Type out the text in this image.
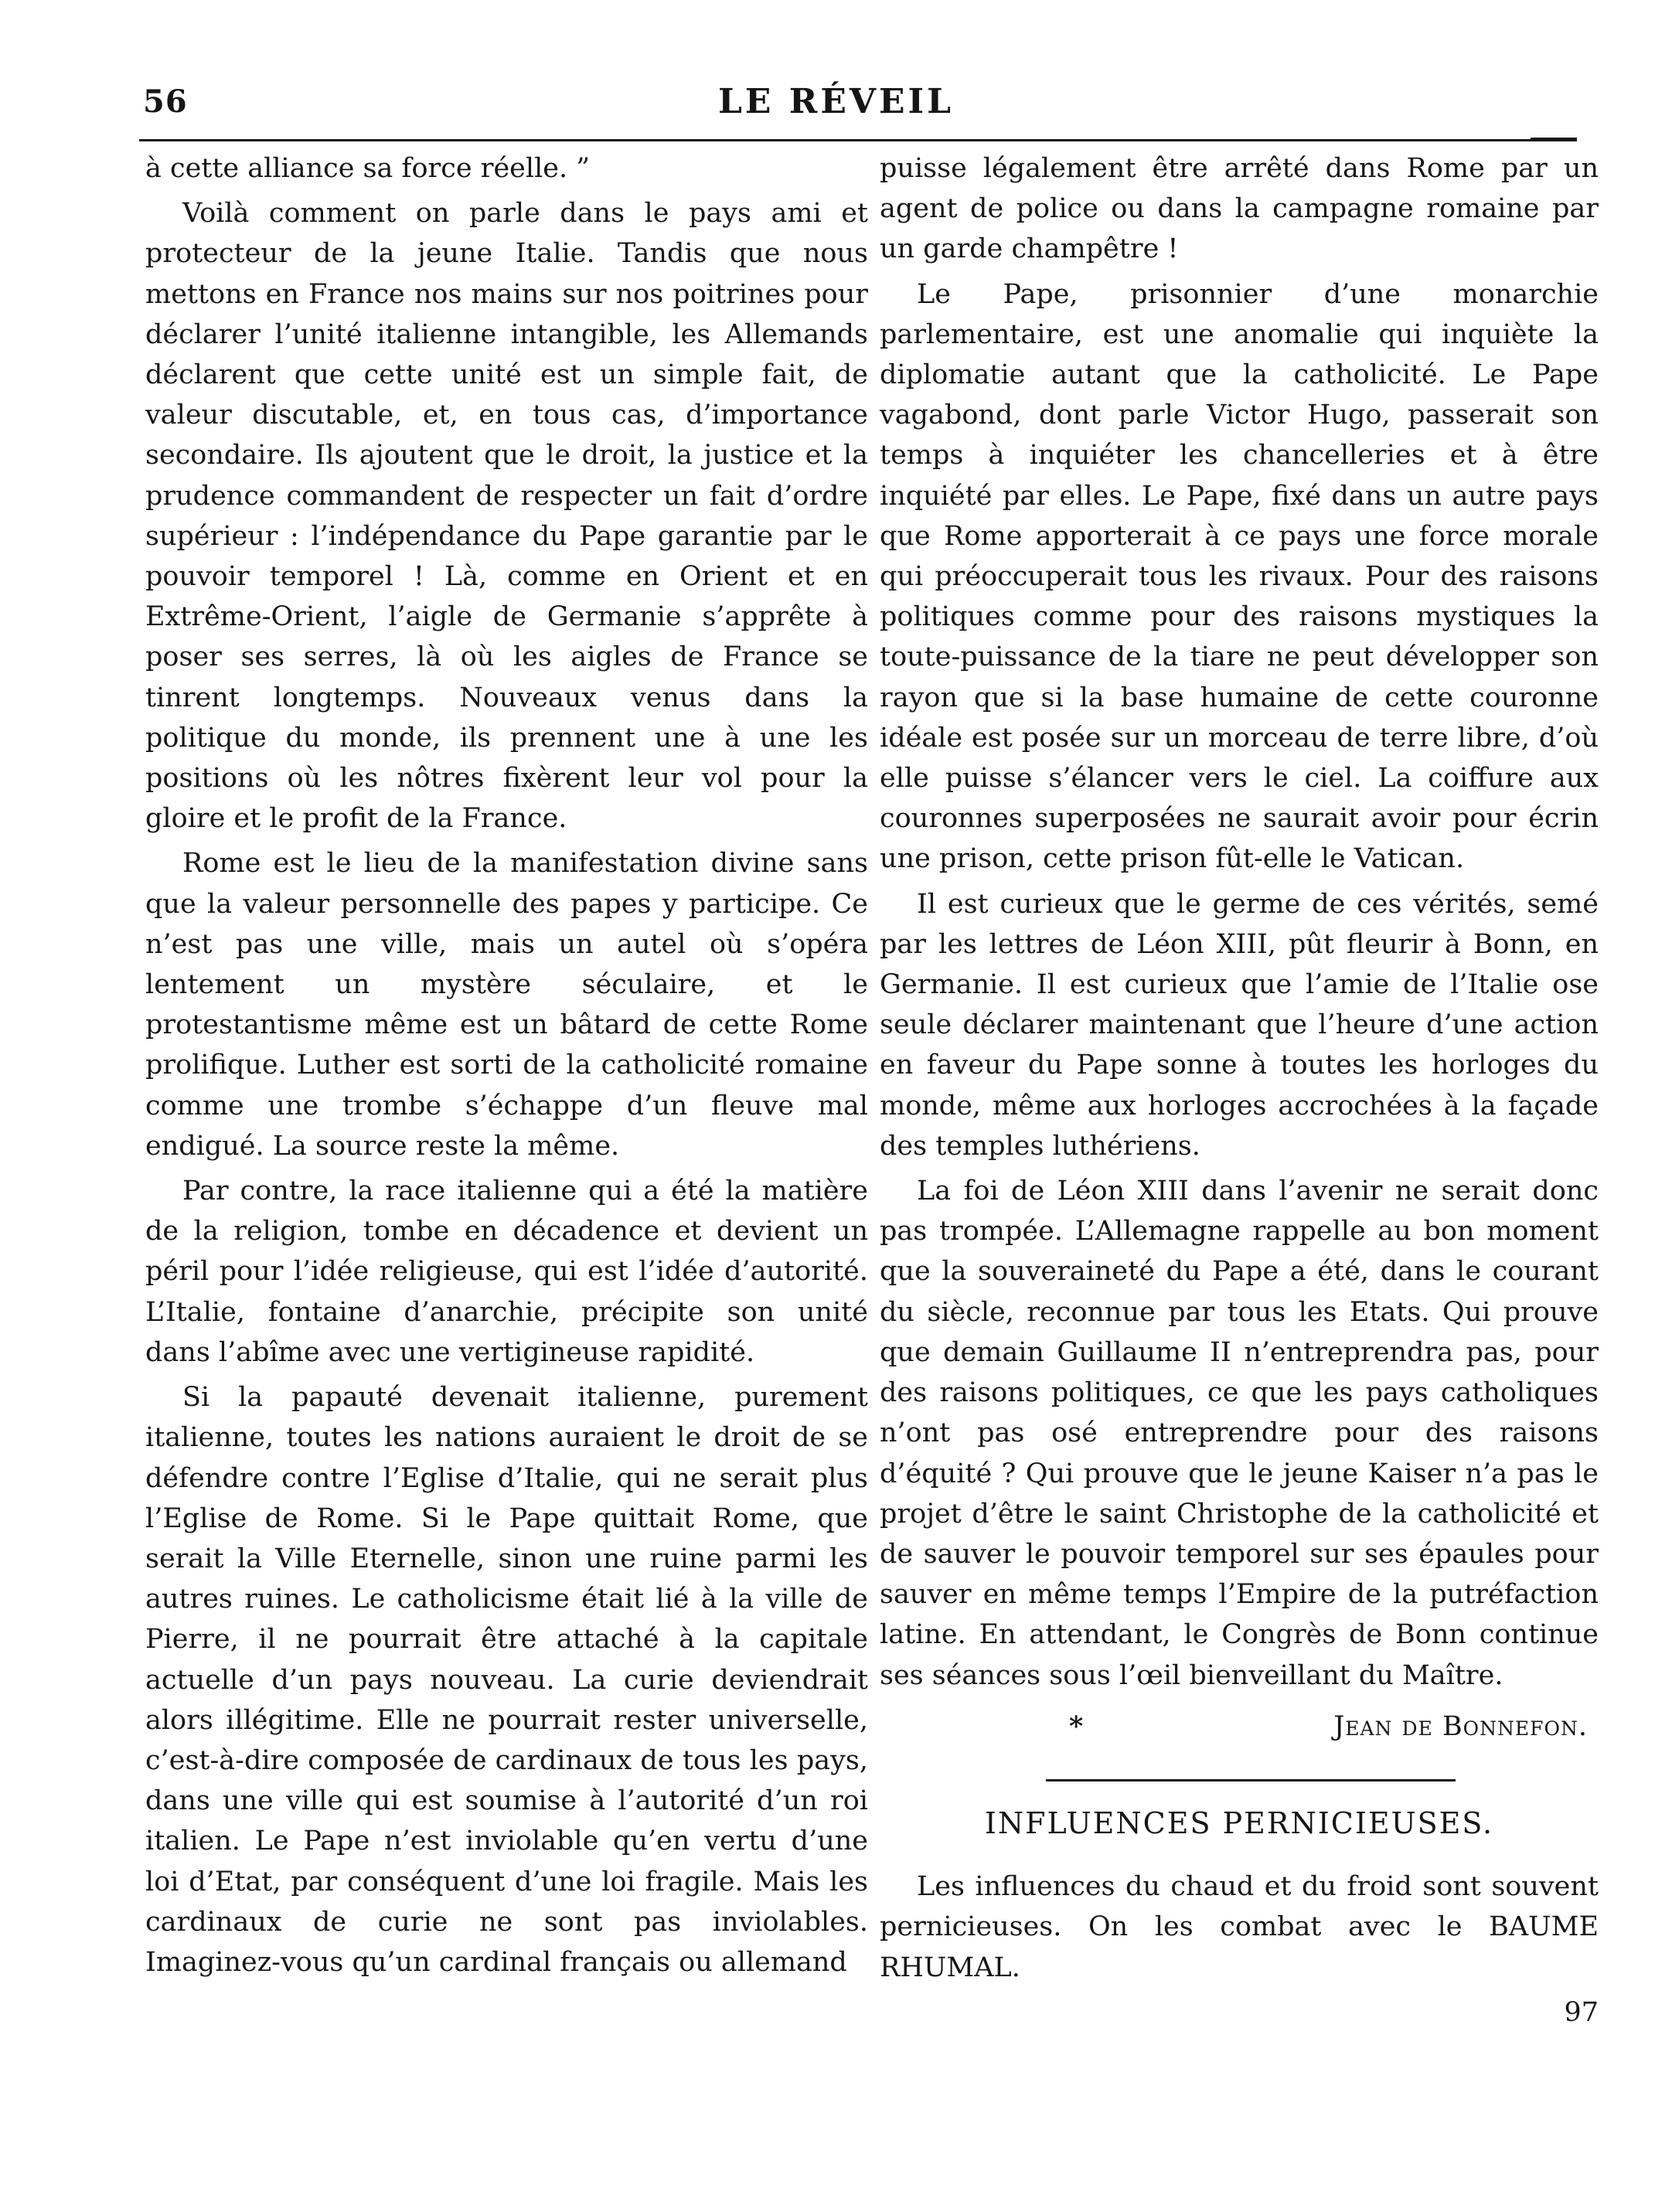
56	LE RÉVEIL

à cette alliance sa force réelle. ”

Voilà comment on parle dans le pays ami et protecteur de la jeune Italie. Tandis que nous mettons en France nos mains sur nos poitrines pour déclarer l’unité italienne intangible, les Allemands déclarent que cette unité est un simple fait, de valeur discutable, et, en tous cas, d’importance secondaire. Ils ajoutent que le droit, la justice et la prudence commandent de respecter un fait d’ordre supérieur : l’indépendance du Pape garantie par le pouvoir temporel ! Là, comme en Orient et en Extrême-Orient, l’aigle de Germanie s’apprête à poser ses serres, là où les aigles de France se tinrent longtemps. Nouveaux venus dans la politique du monde, ils prennent une à une les positions où les nôtres fixèrent leur vol pour la gloire et le profit de la France.

Rome est le lieu de la manifestation divine sans que la valeur personnelle des papes y participe. Ce n’est pas une ville, mais un autel où s’opéra lentement un mystère séculaire, et le protestantisme même est un bâtard de cette Rome prolifique. Luther est sorti de la catholicité romaine comme une trombe s’échappe d’un fleuve mal endigué. La source reste la même.

Par contre, la race italienne qui a été la matière de la religion, tombe en décadence et devient un péril pour l’idée religieuse, qui est l’idée d’autorité. L’Italie, fontaine d’anarchie, précipite son unité dans l’abîme avec une vertigineuse rapidité.

Si la papauté devenait italienne, purement italienne, toutes les nations auraient le droit de se défendre contre l’Eglise d’Italie, qui ne serait plus l’Eglise de Rome. Si le Pape quittait Rome, que serait la Ville Eternelle, sinon une ruine parmi les autres ruines. Le catholicisme était lié à la ville de Pierre, il ne pourrait être attaché à la capitale actuelle d’un pays nouveau. La curie deviendrait alors illégitime. Elle ne pourrait rester universelle, c’est-à-dire composée de cardinaux de tous les pays, dans une ville qui est soumise à l’autorité d’un roi italien. Le Pape n’est inviolable qu’en vertu d’une loi d’Etat, par conséquent d’une loi fragile. Mais les cardinaux de curie ne sont pas inviolables. Imaginez-vous qu’un cardinal français ou allemand

puisse légalement être arrêté dans Rome par un agent de police ou dans la campagne romaine par un garde champêtre !

Le Pape, prisonnier d’une monarchie parlementaire, est une anomalie qui inquiète la diplomatie autant que la catholicité. Le Pape vagabond, dont parle Victor Hugo, passerait son temps à inquiéter les chancelleries et à être inquiété par elles. Le Pape, fixé dans un autre pays que Rome apporterait à ce pays une force morale qui préoccuperait tous les rivaux. Pour des raisons politiques comme pour des raisons mystiques la toute-puissance de la tiare ne peut développer son rayon que si la base humaine de cette couronne idéale est posée sur un morceau de terre libre, d’où elle puisse s’élancer vers le ciel. La coiffure aux couronnes superposées ne saurait avoir pour écrin une prison, cette prison fût-elle le Vatican.

Il est curieux que le germe de ces vérités, semé par les lettres de Léon XIII, pût fleurir à Bonn, en Germanie. Il est curieux que l’amie de l’Italie ose seule déclarer maintenant que l’heure d’une action en faveur du Pape sonne à toutes les horloges du monde, même aux horloges accrochées à la façade des temples luthériens.

La foi de Léon XIII dans l’avenir ne serait donc pas trompée. L’Allemagne rappelle au bon moment que la souveraineté du Pape a été, dans le courant du siècle, reconnue par tous les Etats. Qui prouve que demain Guillaume II n’entreprendra pas, pour des raisons politiques, ce que les pays catholiques n’ont pas osé entreprendre pour des raisons d’équité ? Qui prouve que le jeune Kaiser n’a pas le projet d’être le saint Christophe de la catholicité et de sauver le pouvoir temporel sur ses épaules pour sauver en même temps l’Empire de la putréfaction latine. En attendant, le Congrès de Bonn continue ses séances sous l’œil bienveillant du Maître.

*	Jean de Bonnefon.
INFLUENCES PERNICIEUSES.

Les influences du chaud et du froid sont souvent pernicieuses. On les combat avec le BAUME RHUMAL.

97
